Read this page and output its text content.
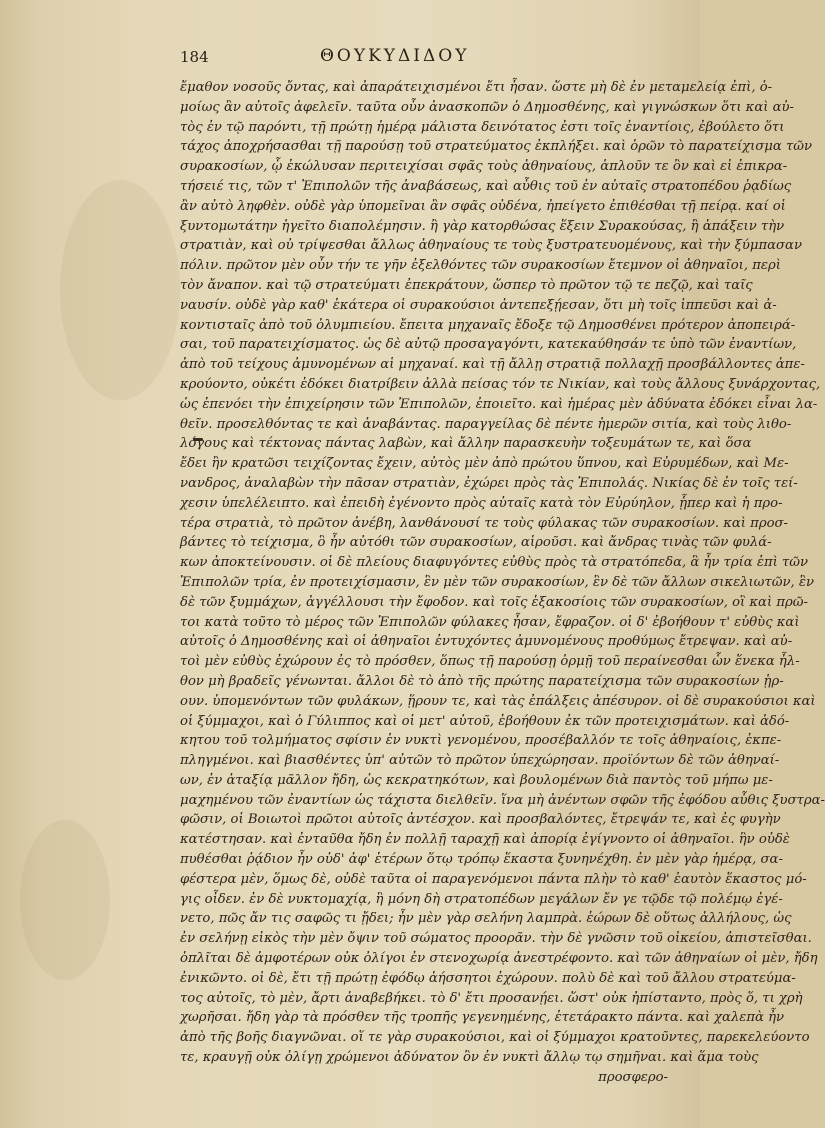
184	ΘΟΥΚΥΔΙΔΟΥ
ἔμαθον νοσοῦς ὄντας, καὶ ἀπαράτειχισμένοι ἔτι ἦσαν. ὥστε μὴ δὲ ἐν μεταμελείᾳ ἐπὶ, ὁ-
μοίως ἂν αὐτοῖς ἀφελεῖν. ταῦτα οὖν ἀνασκοπῶν ὁ Δημοσθένης, καὶ γιγνώσκων ὅτι καὶ αὐ-
τὸς ἐν τῷ παρόντι, τῇ πρώτῃ ἡμέρᾳ μάλιστα δεινότατος ἐστι τοῖς ἐναντίοις, ἐβούλετο ὅτι
τάχος ἀποχρήσασθαι τῇ παρούσῃ τοῦ στρατεύματος ἐκπλήξει. καὶ ὁρῶν τὸ παρατείχισμα τῶν
συρακοσίων, ᾧ ἐκώλυσαν περιτειχίσαι σφᾶς τοὺς ἀθηναίους, ἁπλοῦν τε ὂν καὶ εἰ ἐπικρα-
τήσειέ τις, τῶν τ' Ἐπιπολῶν τῆς ἀναβάσεως, καὶ αὖθις τοῦ ἐν αὐταῖς στρατοπέδου ῥᾳδίως
ἂν αὐτὸ ληφθὲν. οὐδὲ γὰρ ὑπομεῖναι ἂν σφᾶς οὐδένα, ἠπείγετο ἐπιθέσθαι τῇ πείρᾳ. καί οἱ
ξυντομωτάτην ἡγεῖτο διαπολέμησιν. ἢ γὰρ κατορθώσας ἕξειν Συρακούσας, ἢ ἀπάξειν τὴν
στρατιὰν, καὶ οὐ τρίψεσθαι ἄλλως ἀθηναίους τε τοὺς ξυστρατευομένους, καὶ τὴν ξύμπασαν
πόλιν. πρῶτον μὲν οὖν τήν τε γῆν ἐξελθόντες τῶν συρακοσίων ἔτεμνον οἱ ἀθηναῖοι, περὶ
τὸν ἄναπον. καὶ τῷ στρατεύματι ἐπεκράτουν, ὥσπερ τὸ πρῶτον τῷ τε πεζῷ, καὶ ταῖς
ναυσίν. οὐδὲ γὰρ καθ' ἑκάτερα οἱ συρακούσιοι ἀντεπεξῄεσαν, ὅτι μὴ τοῖς ἱππεῦσι καὶ ἀ-
κοντισταῖς ἀπὸ τοῦ ὀλυμπιείου. ἔπειτα μηχαναῖς ἔδοξε τῷ Δημοσθένει πρότερον ἀποπειρά-
σαι, τοῦ παρατειχίσματος. ὡς δὲ αὐτῷ προσαγαγόντι, κατεκαύθησάν τε ὑπὸ τῶν ἐναντίων,
ἀπὸ τοῦ τείχους ἀμυνομένων αἱ μηχαναί. καὶ τῇ ἄλλῃ στρατιᾷ πολλαχῇ προσβάλλοντες ἀπε-
κρούοντο, οὐκέτι ἐδόκει διατρίβειν ἀλλὰ πείσας τόν τε Νικίαν, καὶ τοὺς ἄλλους ξυνάρχοντας,
ὡς ἐπενόει τὴν ἐπιχείρησιν τῶν Ἐπιπολῶν, ἐποιεῖτο. καὶ ἡμέρας μὲν ἀδύνατα ἐδόκει εἶναι λα-
θεῖν. προσελθόντας τε καὶ ἀναβάντας. παραγγείλας δὲ πέντε ἡμερῶν σιτία, καὶ τοὺς λιθο-
λόγους καὶ τέκτονας πάντας λαβὼν, καὶ ἄλλην παρασκευὴν τοξευμάτων τε, καὶ ὅσα
ἔδει ἢν κρατῶσι τειχίζοντας ἔχειν, αὐτὸς μὲν ἀπὸ πρώτου ὕπνου, καὶ Εὐρυμέδων, καὶ Με-
νανδρος, ἀναλαβὼν τὴν πᾶσαν στρατιὰν, ἐχώρει πρὸς τὰς Ἐπιπολάς. Νικίας δὲ ἐν τοῖς τεί-
χεσιν ὑπελέλειπτο. καὶ ἐπειδὴ ἐγένοντο πρὸς αὐταῖς κατὰ τὸν Εὐρύηλον, ᾗπερ καὶ ἡ προ-
τέρα στρατιὰ, τὸ πρῶτον ἀνέβη, λανθάνουσί τε τοὺς φύλακας τῶν συρακοσίων. καὶ προσ-
βάντες τὸ τείχισμα, ὃ ἦν αὐτόθι τῶν συρακοσίων, αἱροῦσι. καὶ ἄνδρας τινὰς τῶν φυλά-
κων ἀποκτείνουσιν. οἱ δὲ πλείους διαφυγόντες εὐθὺς πρὸς τὰ στρατόπεδα, ἃ ἦν τρία ἐπὶ τῶν
Ἐπιπολῶν τρία, ἐν προτειχίσμασιν, ἓν μὲν τῶν συρακοσίων, ἓν δὲ τῶν ἄλλων σικελιωτῶν, ἓν
δὲ τῶν ξυμμάχων, ἀγγέλλουσι τὴν ἔφοδον. καὶ τοῖς ἑξακοσίοις τῶν συρακοσίων, οἳ καὶ πρῶ-
τοι κατὰ τοῦτο τὸ μέρος τῶν Ἐπιπολῶν φύλακες ἦσαν, ἔφραζον. οἱ δ' ἐβοήθουν τ' εὐθὺς καὶ
αὐτοῖς ὁ Δημοσθένης καὶ οἱ ἀθηναῖοι ἐντυχόντες ἀμυνομένους προθύμως ἔτρεψαν. καὶ αὐ-
τοὶ μὲν εὐθὺς ἐχώρουν ἐς τὸ πρόσθεν, ὅπως τῇ παρούσῃ ὁρμῇ τοῦ περαίνεσθαι ὧν ἕνεκα ἦλ-
θον μὴ βραδεῖς γένωνται. ἄλλοι δὲ τὸ ἀπὸ τῆς πρώτης παρατείχισμα τῶν συρακοσίων ᾑρ-
ουν. ὑπομενόντων τῶν φυλάκων, ᾕρουν τε, καὶ τὰς ἐπάλξεις ἀπέσυρον. οἱ δὲ συρακούσιοι καὶ
οἱ ξύμμαχοι, καὶ ὁ Γύλιππος καὶ οἱ μετ' αὐτοῦ, ἐβοήθουν ἐκ τῶν προτειχισμάτων. καὶ ἀδό-
κητου τοῦ τολμήματος σφίσιν ἐν νυκτὶ γενομένου, προσέβαλλόν τε τοῖς ἀθηναίοις, ἐκπε-
πληγμένοι. καὶ βιασθέντες ὑπ' αὐτῶν τὸ πρῶτον ὑπεχώρησαν. προϊόντων δὲ τῶν ἀθηναί-
ων, ἐν ἀταξίᾳ μᾶλλον ἤδη, ὡς κεκρατηκότων, καὶ βουλομένων διὰ παντὸς τοῦ μήπω με-
μαχημένου τῶν ἐναντίων ὡς τάχιστα διελθεῖν. ἵνα μὴ ἀνέντων σφῶν τῆς ἐφόδου αὖθις ξυστρα-
φῶσιν, οἱ Βοιωτοὶ πρῶτοι αὐτοῖς ἀντέσχον. καὶ προσβαλόντες, ἔτρεψάν τε, καὶ ἐς φυγὴν
κατέστησαν. καὶ ἐνταῦθα ἤδη ἐν πολλῇ ταραχῇ καὶ ἀπορίᾳ ἐγίγνοντο οἱ ἀθηναῖοι. ἣν οὐδὲ
πυθέσθαι ῥᾴδιον ἦν οὐδ' ἀφ' ἑτέρων ὅτῳ τρόπῳ ἕκαστα ξυνηνέχθη. ἐν μὲν γὰρ ἡμέρᾳ, σα-
φέστερα μὲν, ὅμως δὲ, οὐδὲ ταῦτα οἱ παραγενόμενοι πάντα πλὴν τὸ καθ' ἑαυτὸν ἕκαστος μό-
γις οἶδεν. ἐν δὲ νυκτομαχίᾳ, ἣ μόνη δὴ στρατοπέδων μεγάλων ἔν γε τῷδε τῷ πολέμῳ ἐγέ-
νετο, πῶς ἄν τις σαφῶς τι ᾔδει; ἦν μὲν γὰρ σελήνη λαμπρὰ. ἑώρων δὲ οὕτως ἀλλήλους, ὡς
ἐν σελήνῃ εἰκὸς τὴν μὲν ὄψιν τοῦ σώματος προορᾶν. τὴν δὲ γνῶσιν τοῦ οἰκείου, ἀπιστεῖσθαι.
ὁπλῖται δὲ ἀμφοτέρων οὐκ ὀλίγοι ἐν στενοχωρίᾳ ἀνεστρέφοντο. καὶ τῶν ἀθηναίων οἱ μὲν, ἤδη
ἐνικῶντο. οἱ δὲ, ἔτι τῇ πρώτῃ ἐφόδῳ ἀήσσητοι ἐχώρουν. πολὺ δὲ καὶ τοῦ ἄλλου στρατεύμα-
τος αὐτοῖς, τὸ μὲν, ἄρτι ἀναβεβήκει. τὸ δ' ἔτι προσανῄει. ὥστ' οὐκ ἠπίσταντο, πρὸς ὅ, τι χρὴ
χωρῆσαι. ἤδη γὰρ τὰ πρόσθεν τῆς τροπῆς γεγενημένης, ἐτετάρακτο πάντα. καὶ χαλεπὰ ἦν
ἀπὸ τῆς βοῆς διαγνῶναι. οἵ τε γὰρ συρακούσιοι, καὶ οἱ ξύμμαχοι κρατοῦντες, παρεκελεύοντο
τε, κραυγῇ οὐκ ὀλίγῃ χρώμενοι ἀδύνατον ὂν ἐν νυκτὶ ἄλλῳ τῳ σημῆναι. καὶ ἅμα τοὺς
προσφερο-
